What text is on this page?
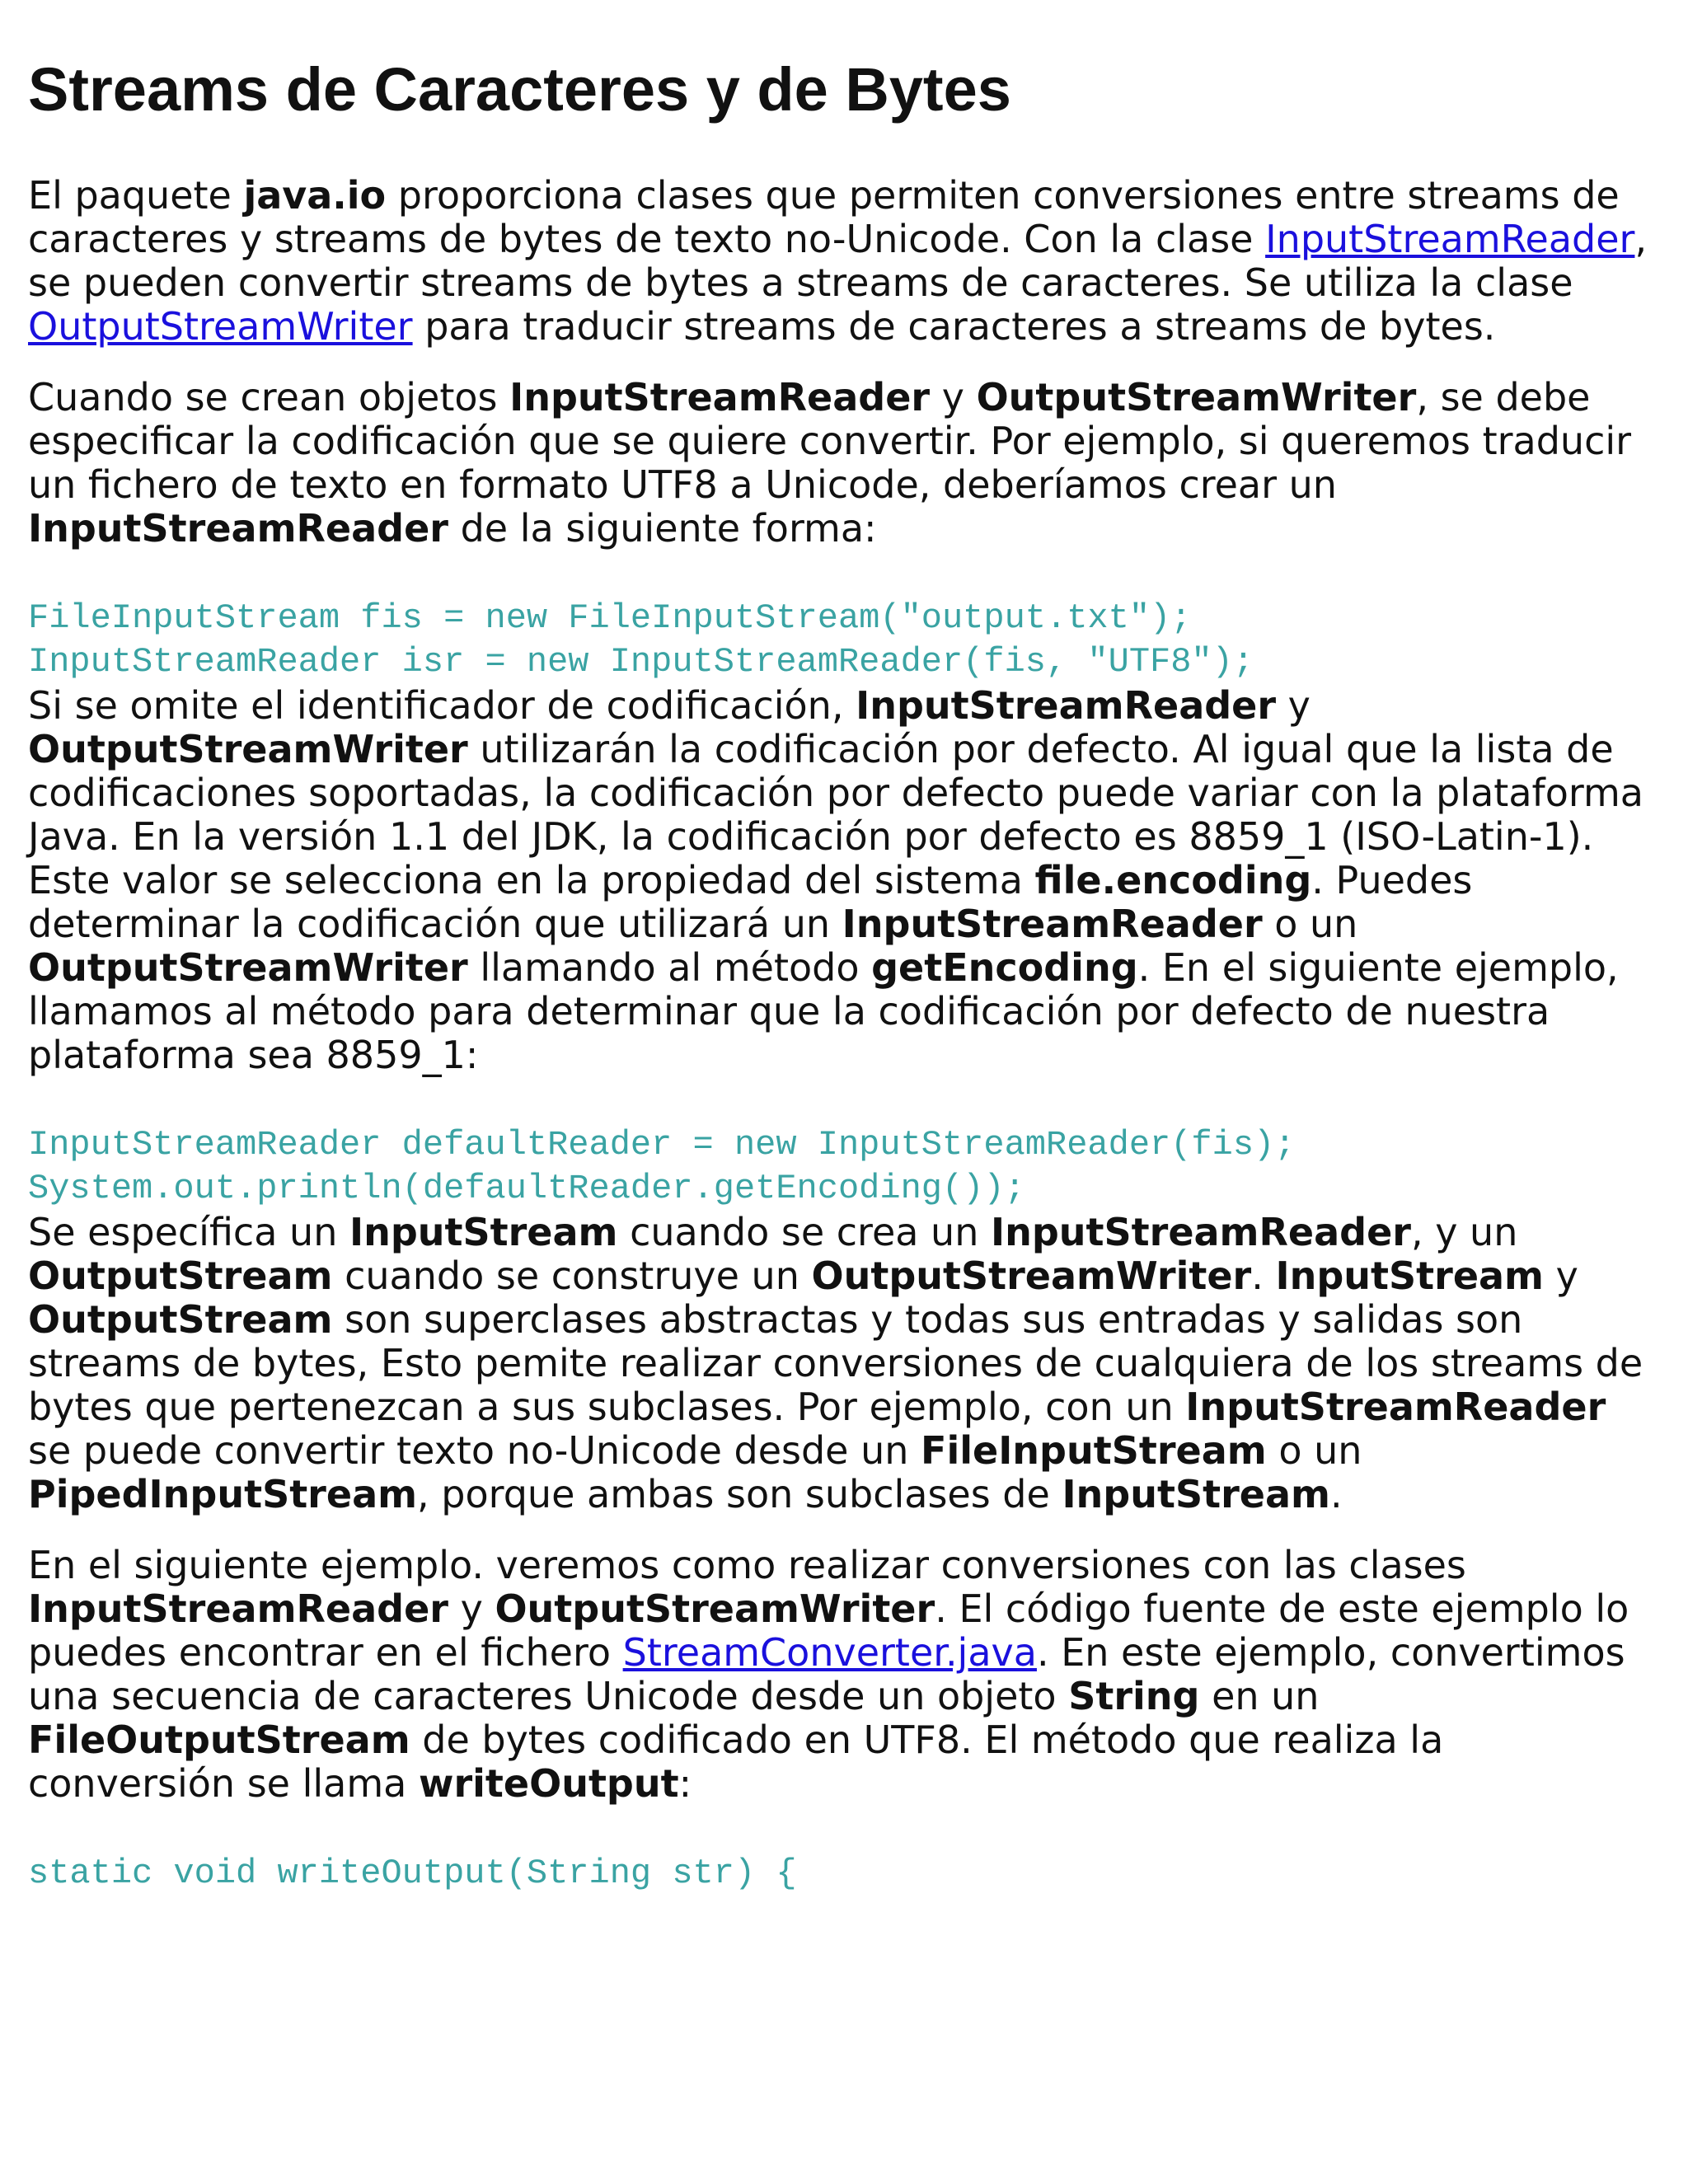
Streams de Caracteres y de Bytes

El paquete java.io proporciona clases que permiten conversiones entre streams de caracteres y streams de bytes de texto no-Unicode. Con la clase InputStreamReader, se pueden convertir streams de bytes a streams de caracteres. Se utiliza la clase OutputStreamWriter para traducir streams de caracteres a streams de bytes.

Cuando se crean objetos InputStreamReader y OutputStreamWriter, se debe especificar la codificación que se quiere convertir. Por ejemplo, si queremos traducir un fichero de texto en formato UTF8 a Unicode, deberíamos crear un InputStreamReader de la siguiente forma:

FileInputStream fis = new FileInputStream("output.txt");
InputStreamReader isr = new InputStreamReader(fis, "UTF8");

Si se omite el identificador de codificación, InputStreamReader y OutputStreamWriter utilizarán la codificación por defecto. Al igual que la lista de codificaciones soportadas, la codificación por defecto puede variar con la plataforma Java. En la versión 1.1 del JDK, la codificación por defecto es 8859_1 (ISO-Latin-1). Este valor se selecciona en la propiedad del sistema file.encoding. Puedes determinar la codificación que utilizará un InputStreamReader o un OutputStreamWriter llamando al método getEncoding. En el siguiente ejemplo, llamamos al método para determinar que la codificación por defecto de nuestra plataforma sea 8859_1:

InputStreamReader defaultReader = new InputStreamReader(fis);
System.out.println(defaultReader.getEncoding());

Se específica un InputStream cuando se crea un InputStreamReader, y un OutputStream cuando se construye un OutputStreamWriter. InputStream y OutputStream son superclases abstractas y todas sus entradas y salidas son streams de bytes, Esto pemite realizar conversiones de cualquiera de los streams de bytes que pertenezcan a sus subclases. Por ejemplo, con un InputStreamReader se puede convertir texto no-Unicode desde un FileInputStream o un PipedInputStream, porque ambas son subclases de InputStream.

En el siguiente ejemplo. veremos como realizar conversiones con las clases InputStreamReader y OutputStreamWriter. El código fuente de este ejemplo lo puedes encontrar en el fichero StreamConverter.java. En este ejemplo, convertimos una secuencia de caracteres Unicode desde un objeto String en un FileOutputStream de bytes codificado en UTF8. El método que realiza la conversión se llama writeOutput:

static void writeOutput(String str) {
